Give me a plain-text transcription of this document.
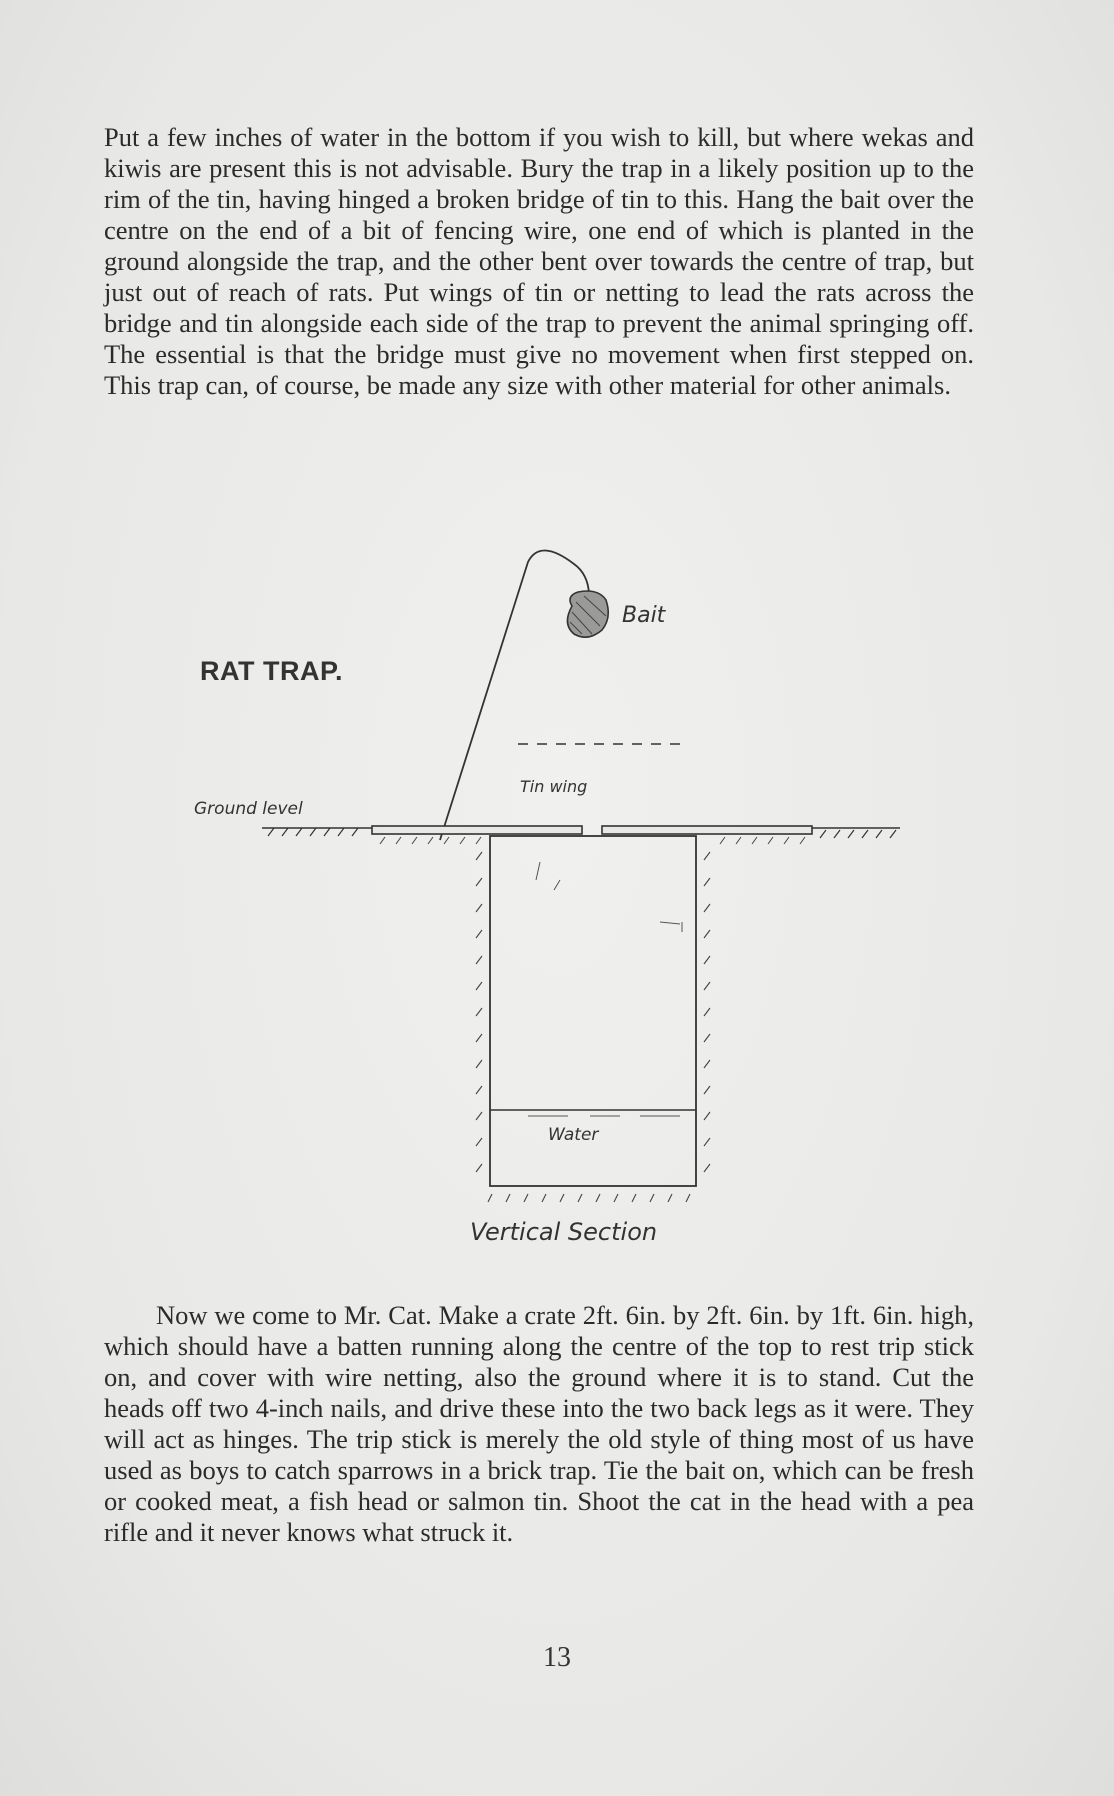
Put a few inches of water in the bottom if you wish to kill, but where wekas and kiwis are present this is not advisable. Bury the trap in a likely position up to the rim of the tin, having hinged a broken bridge of tin to this. Hang the bait over the centre on the end of a bit of fencing wire, one end of which is planted in the ground alongside the trap, and the other bent over towards the centre of trap, but just out of reach of rats. Put wings of tin or netting to lead the rats across the bridge and tin alongside each side of the trap to prevent the animal springing off. The essential is that the bridge must give no movement when first stepped on. This trap can, of course, be made any size with other material for other animals.

RAT TRAP.
Bait
Tin wing
Ground level
Water
Vertical Section

Now we come to Mr. Cat. Make a crate 2ft. 6in. by 2ft. 6in. by 1ft. 6in. high, which should have a batten running along the centre of the top to rest trip stick on, and cover with wire netting, also the ground where it is to stand. Cut the heads off two 4-inch nails, and drive these into the two back legs as it were. They will act as hinges. The trip stick is merely the old style of thing most of us have used as boys to catch sparrows in a brick trap. Tie the bait on, which can be fresh or cooked meat, a fish head or salmon tin. Shoot the cat in the head with a pea rifle and it never knows what struck it.

13
